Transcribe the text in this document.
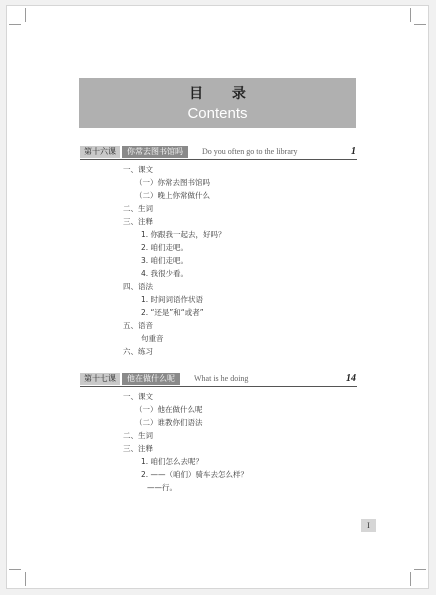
目 录
Contents
第十六课	你常去图书馆吗	Do you often go to the library	1
一、课文
（一）你常去图书馆吗
（二）晚上你常做什么
二、生词
三、注释
1. 你跟我一起去，好吗？
2. 咱们走吧。
3. 咱们走吧。
4. 我很少看。
四、语法
1. 时间词语作状语
2. “还是”和“或者”
五、语音
句重音
六、练习
第十七课	他在做什么呢	What is he doing	14
一、课文
（一）他在做什么呢
（二）谁教你们语法
二、生词
三、注释
1. 咱们怎么去呢？
2. ——（咱们）骑车去怎么样？
——行。
I
